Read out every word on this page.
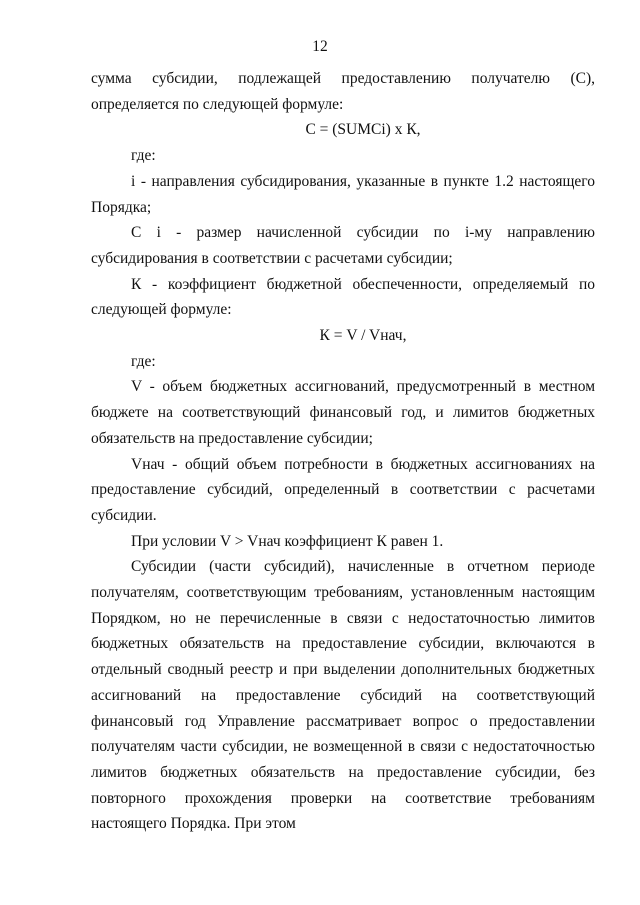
12

сумма субсидии, подлежащей предоставлению получателю (С), определяется по следующей формуле:

С = (SUMCi) х К,

где:

i - направления субсидирования, указанные в пункте 1.2 настоящего Порядка;

С i - размер начисленной субсидии по i-му направлению субсидирования в соответствии с расчетами субсидии;

К - коэффициент бюджетной обеспеченности, определяемый по следующей формуле:

К = V / Vнач,

где:

V - объем бюджетных ассигнований, предусмотренный в местном бюджете на соответствующий финансовый год, и лимитов бюджетных обязательств на предоставление субсидии;

Vнач - общий объем потребности в бюджетных ассигнованиях на предоставление субсидий, определенный в соответствии с расчетами субсидии.

При условии V > Vнач коэффициент К равен 1.

Субсидии (части субсидий), начисленные в отчетном периоде получателям, соответствующим требованиям, установленным настоящим Порядком, но не перечисленные в связи с недостаточностью лимитов бюджетных обязательств на предоставление субсидии, включаются в отдельный сводный реестр и при выделении дополнительных бюджетных ассигнований на предоставление субсидий на соответствующий финансовый год Управление рассматривает вопрос о предоставлении получателям части субсидии, не возмещенной в связи с недостаточностью лимитов бюджетных обязательств на предоставление субсидии, без повторного прохождения проверки на соответствие требованиям настоящего Порядка. При этом
